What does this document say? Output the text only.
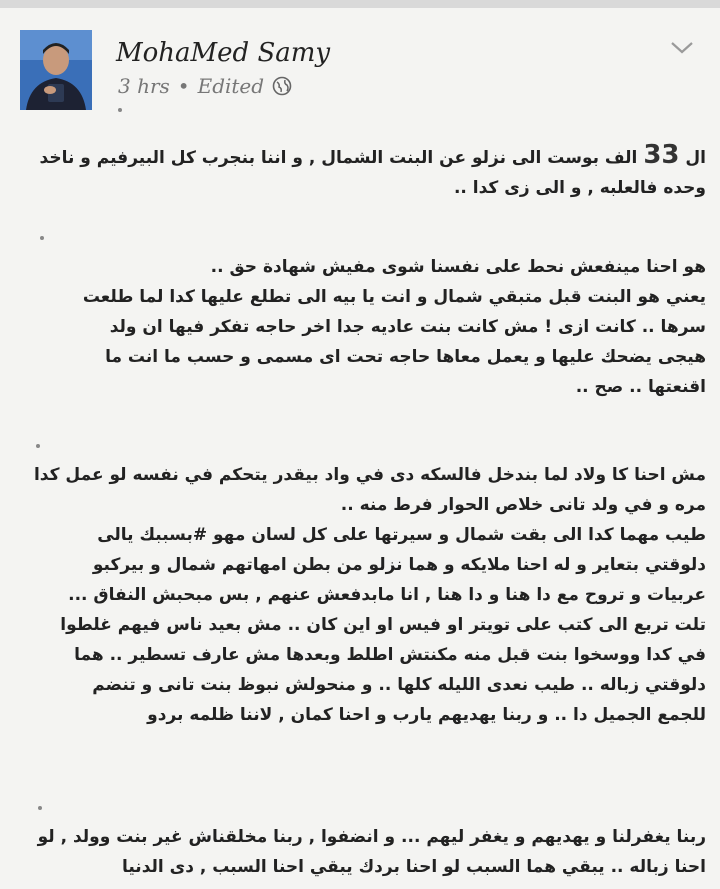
MohaMed Samy
3 hrs • Edited

ال 33 الف بوست الى نزلو عن البنت الشمال , و اننا بنجرب كل البيرفيم و ناخد

وحده فالعلبه , و الى زى كدا ..

هو احنا مينفعش نحط على نفسنا شوى مفيش شهادة حق ..

يعني هو البنت قبل متبقي شمال و انت يا بيه الى تطلع عليها كدا لما طلعت

سرها .. كانت ازى ! مش كانت بنت عاديه جدا اخر حاجه تفكر فيها ان ولد

هيجى يضحك عليها و يعمل معاها حاجه تحت اى مسمى و حسب ما انت ما

اقنعتها .. صح ..

مش احنا كا ولاد لما بندخل فالسكه دى في واد بيقدر يتحكم في نفسه لو عمل كدا

مره و في ولد تانى خلاص الحوار فرط منه ..

طيب مهما كدا الى بقت شمال و سيرتها على كل لسان مهو #بسببك يالى

دلوقتي بتعاير و له احنا ملايكه و هما نزلو من بطن امهاتهم شمال و بيركبو

عربيات و تروح مع دا هنا و دا هنا , انا مابدفعش عنهم , بس مبحبش النفاق ...

تلت تربع الى كتب على تويتر او فيس او اين كان .. مش بعيد ناس فيهم غلطوا

في كدا ووسخوا بنت قبل منه مكنتش اطلط وبعدها مش عارف تسطير .. هما

دلوقتي زباله .. طيب نعدى الليله كلها .. و منحولش نبوظ بنت تانى و تنضم

للجمع الجميل دا .. و ربنا يهديهم يارب و احنا كمان , لاننا ظلمه بردو

ربنا يغفرلنا و يهديهم و يغفر ليهم ... و انضفوا , ربنا مخلقناش غير بنت وولد , لو

احنا زباله .. يبقي هما السبب لو احنا بردك يبقي احنا السبب , دى الدنيا
